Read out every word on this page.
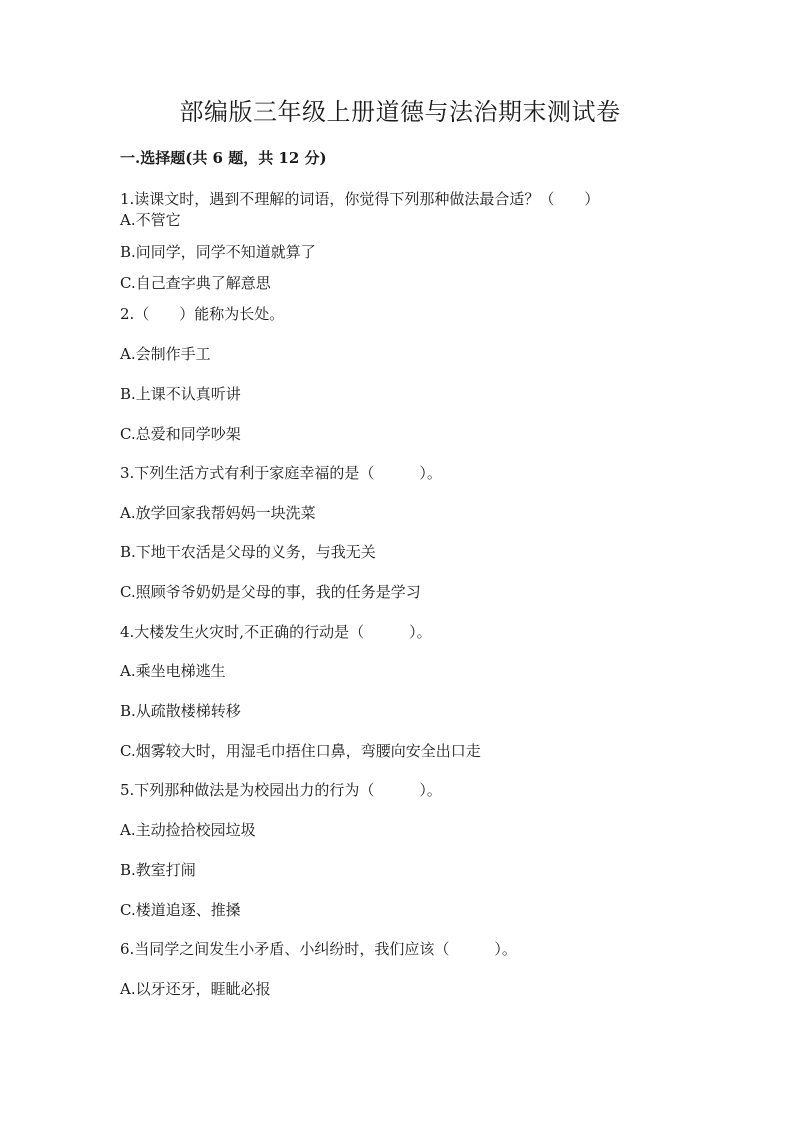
部编版三年级上册道德与法治期末测试卷
一.选择题(共 6 题，共 12 分)
1.读课文时，遇到不理解的词语，你觉得下列那种做法最合适？（　　）
A.不管它
B.问同学，同学不知道就算了
C.自己查字典了解意思
2.（　　）能称为长处。
A.会制作手工
B.上课不认真听讲
C.总爱和同学吵架
3.下列生活方式有利于家庭幸福的是（　　　）。
A.放学回家我帮妈妈一块洗菜
B.下地干农活是父母的义务，与我无关
C.照顾爷爷奶奶是父母的事，我的任务是学习
4.大楼发生火灾时,不正确的行动是（　　　）。
A.乘坐电梯逃生
B.从疏散楼梯转移
C.烟雾较大时，用湿毛巾捂住口鼻，弯腰向安全出口走
5.下列那种做法是为校园出力的行为（　　　）。
A.主动捡拾校园垃圾
B.教室打闹
C.楼道追逐、推搡
6.当同学之间发生小矛盾、小纠纷时，我们应该（　　　）。
A.以牙还牙，睚眦必报
